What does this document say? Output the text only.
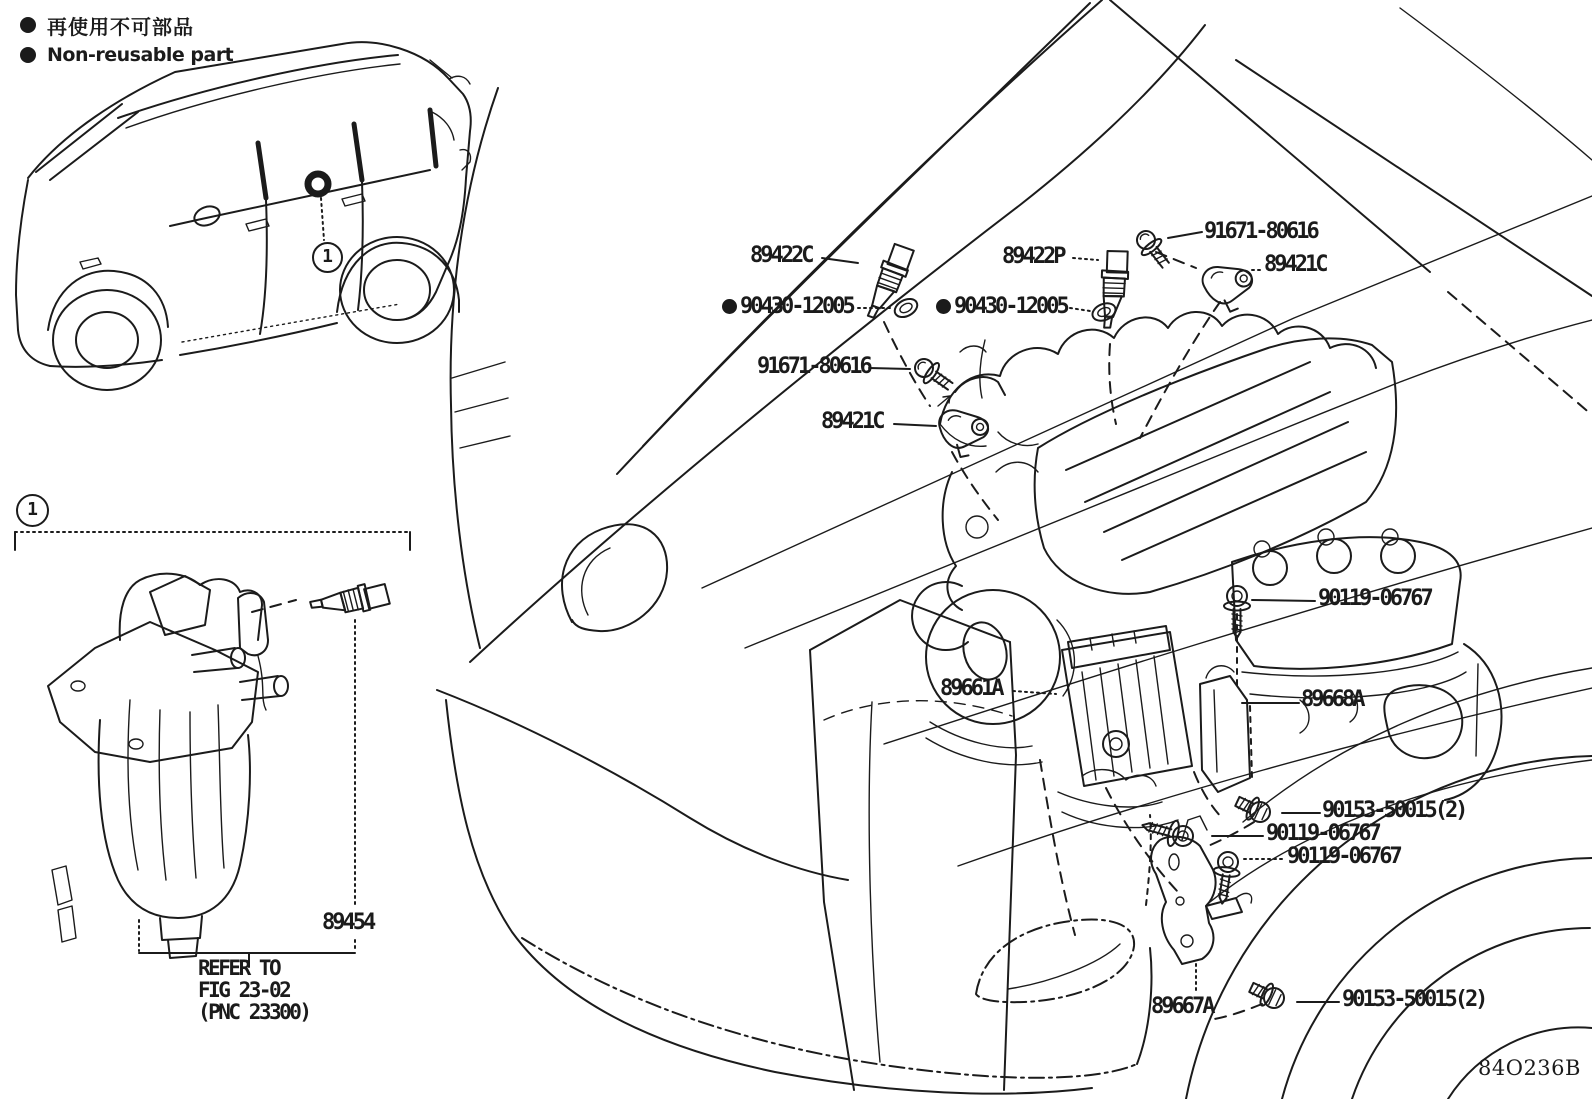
再使用不可部品
Non-reusable part
1
1
89422C	89422P
91671-80616
89421C
90430-12005	90430-12005
91671-80616
89421C
90119-06767
89661A	89668A
90153-50015(2)
90119-06767
90119-06767
89667A	90153-50015(2)
89454
REFER TO
FIG 23-02
(PNC 23300)
84O236B
